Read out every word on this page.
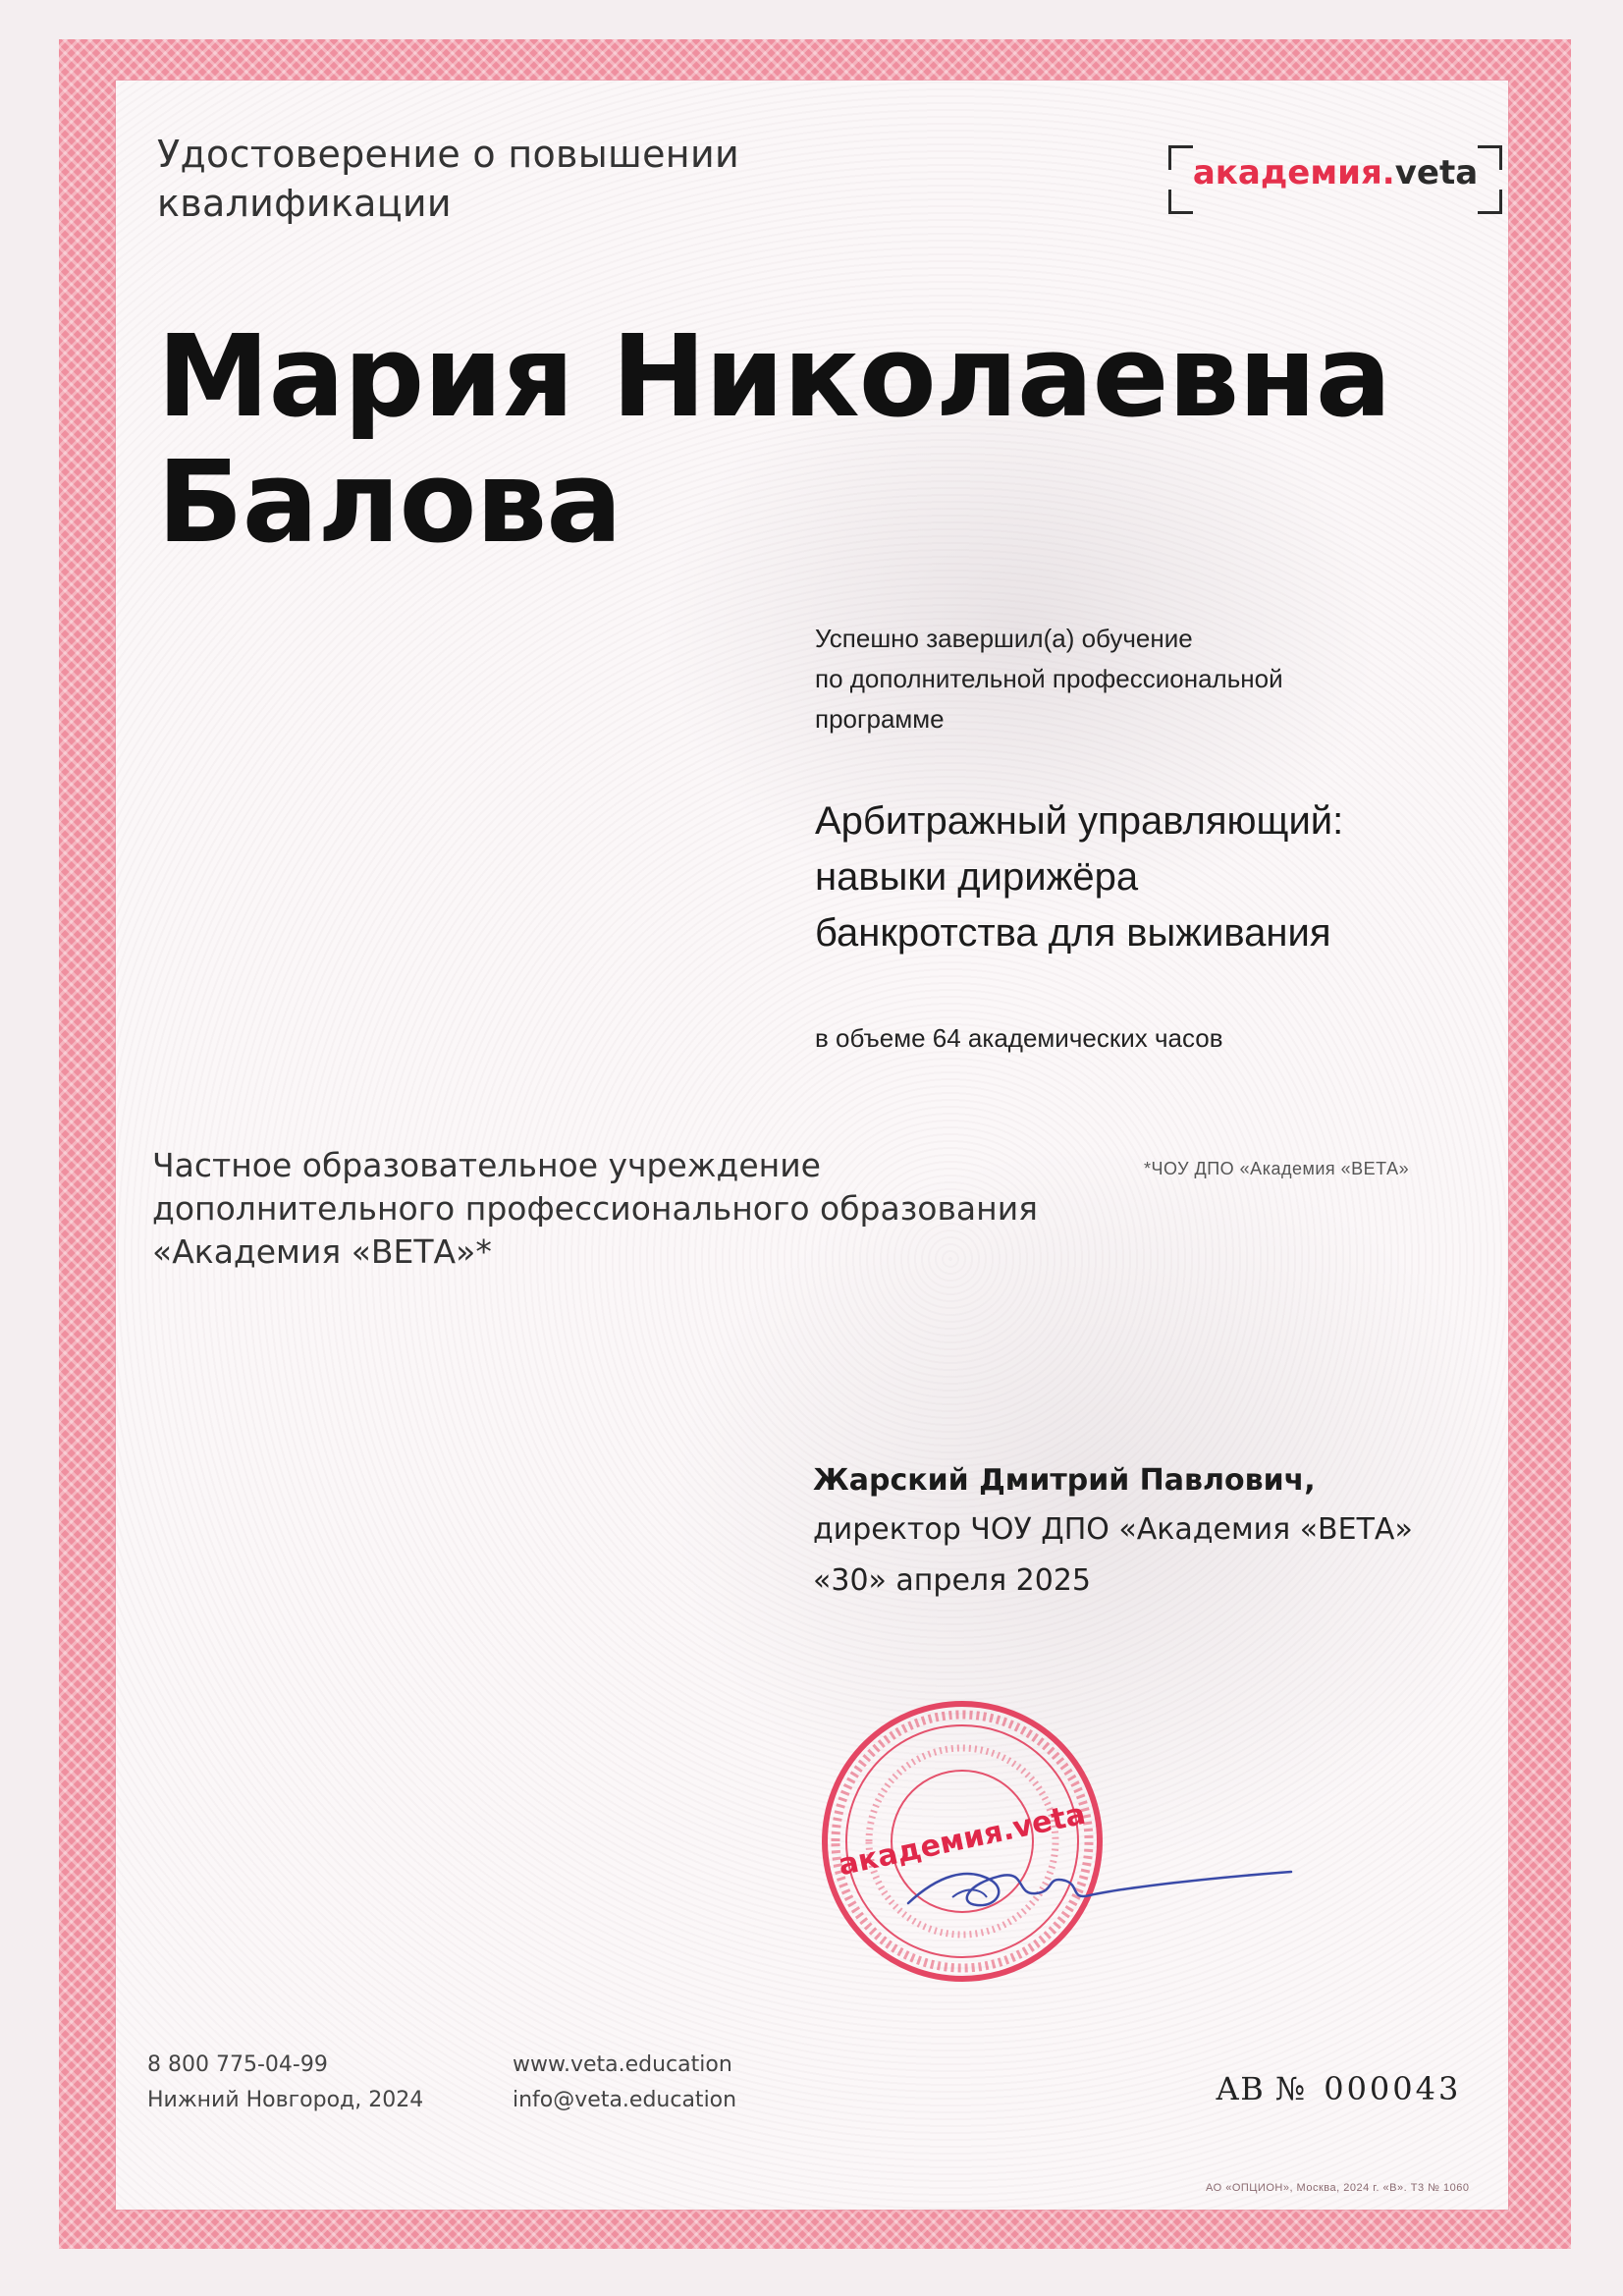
Удостоверение о повышении
квалификации
академия.veta
Мария Николаевна
Балова
Успешно завершил(а) обучение
по дополнительной профессиональной
программе
Арбитражный управляющий:
навыки дирижёра
банкротства для выживания
в объеме 64 академических часов
Частное образовательное учреждение
дополнительного профессионального образования
«Академия «ВЕТА»*
*ЧОУ ДПО «Академия «ВЕТА»
Жарский Дмитрий Павлович,
директор ЧОУ ДПО «Академия «ВЕТА»
«30» апреля 2025
академия.veta
8 800 775-04-99
Нижний Новгород, 2024
www.veta.education
info@veta.education	АВ № 000043
АО «ОПЦИОН», Москва, 2024 г. «В». Т3 № 1060
